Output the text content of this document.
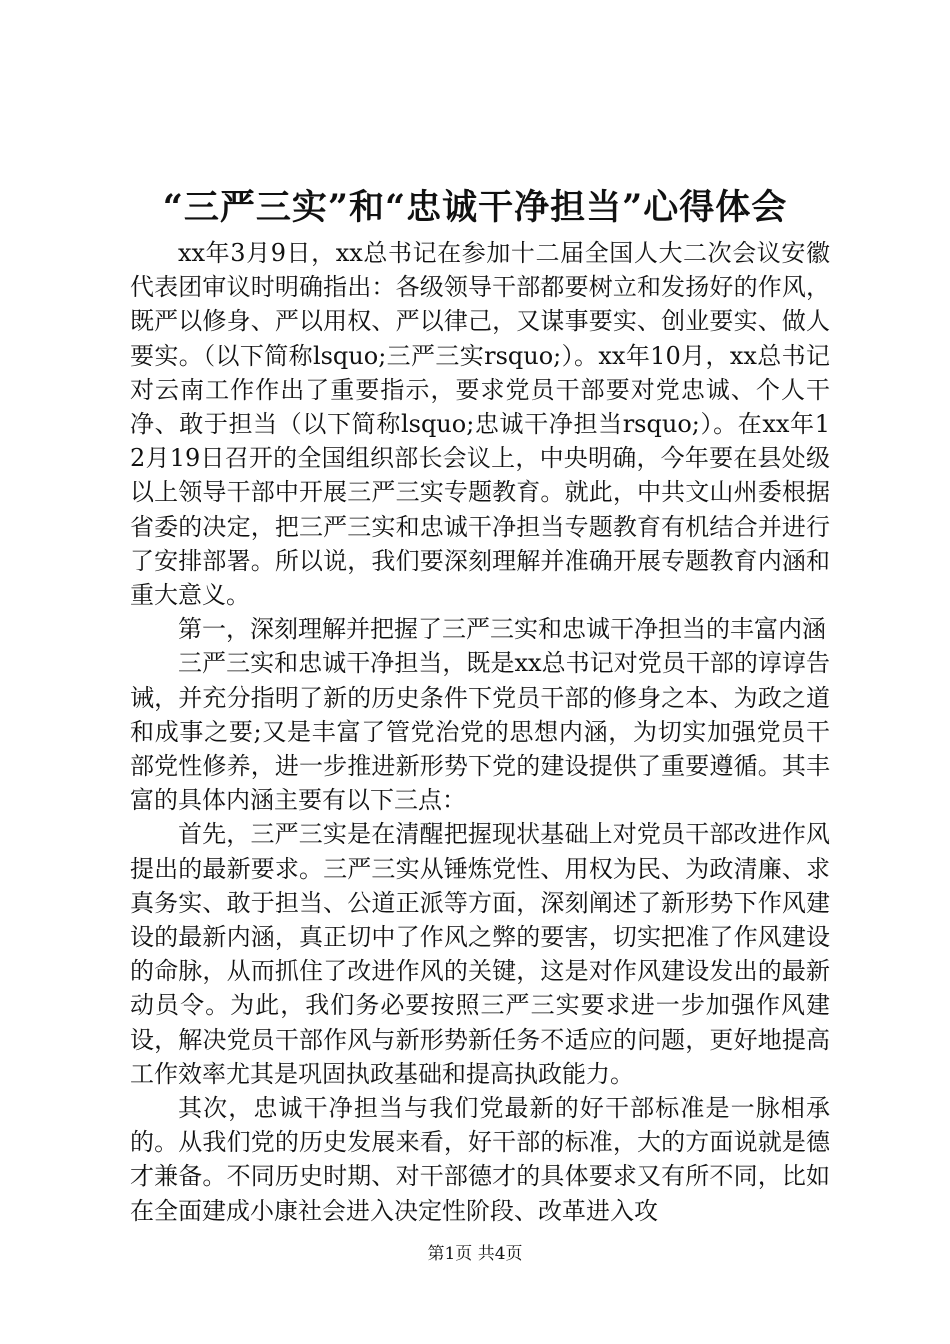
“三严三实”和“忠诚干净担当”心得体会

xx年3月9日，xx总书记在参加十二届全国人大二次会议安徽代表团审议时明确指出：各级领导干部都要树立和发扬好的作风，既严以修身、严以用权、严以律己，又谋事要实、创业要实、做人要实。（以下简称lsquo;三严三实rsquo;）。xx年10月，xx总书记对云南工作作出了重要指示，要求党员干部要对党忠诚、个人干净、敢于担当（以下简称lsquo;忠诚干净担当rsquo;）。在xx年12月19日召开的全国组织部长会议上，中央明确，今年要在县处级以上领导干部中开展三严三实专题教育。就此，中共文山州委根据省委的决定，把三严三实和忠诚干净担当专题教育有机结合并进行了安排部署。所以说，我们要深刻理解并准确开展专题教育内涵和重大意义。

第一，深刻理解并把握了三严三实和忠诚干净担当的丰富内涵

三严三实和忠诚干净担当，既是xx总书记对党员干部的谆谆告诫，并充分指明了新的历史条件下党员干部的修身之本、为政之道和成事之要;又是丰富了管党治党的思想内涵，为切实加强党员干部党性修养，进一步推进新形势下党的建设提供了重要遵循。其丰富的具体内涵主要有以下三点：

首先，三严三实是在清醒把握现状基础上对党员干部改进作风提出的最新要求。三严三实从锤炼党性、用权为民、为政清廉、求真务实、敢于担当、公道正派等方面，深刻阐述了新形势下作风建设的最新内涵，真正切中了作风之弊的要害，切实把准了作风建设的命脉，从而抓住了改进作风的关键，这是对作风建设发出的最新动员令。为此，我们务必要按照三严三实要求进一步加强作风建设，解决党员干部作风与新形势新任务不适应的问题，更好地提高工作效率尤其是巩固执政基础和提高执政能力。

其次，忠诚干净担当与我们党最新的好干部标准是一脉相承的。从我们党的历史发展来看，好干部的标准，大的方面说就是德才兼备。不同历史时期、对干部德才的具体要求又有所不同，比如在全面建成小康社会进入决定性阶段、改革进入攻

第1页 共4页
